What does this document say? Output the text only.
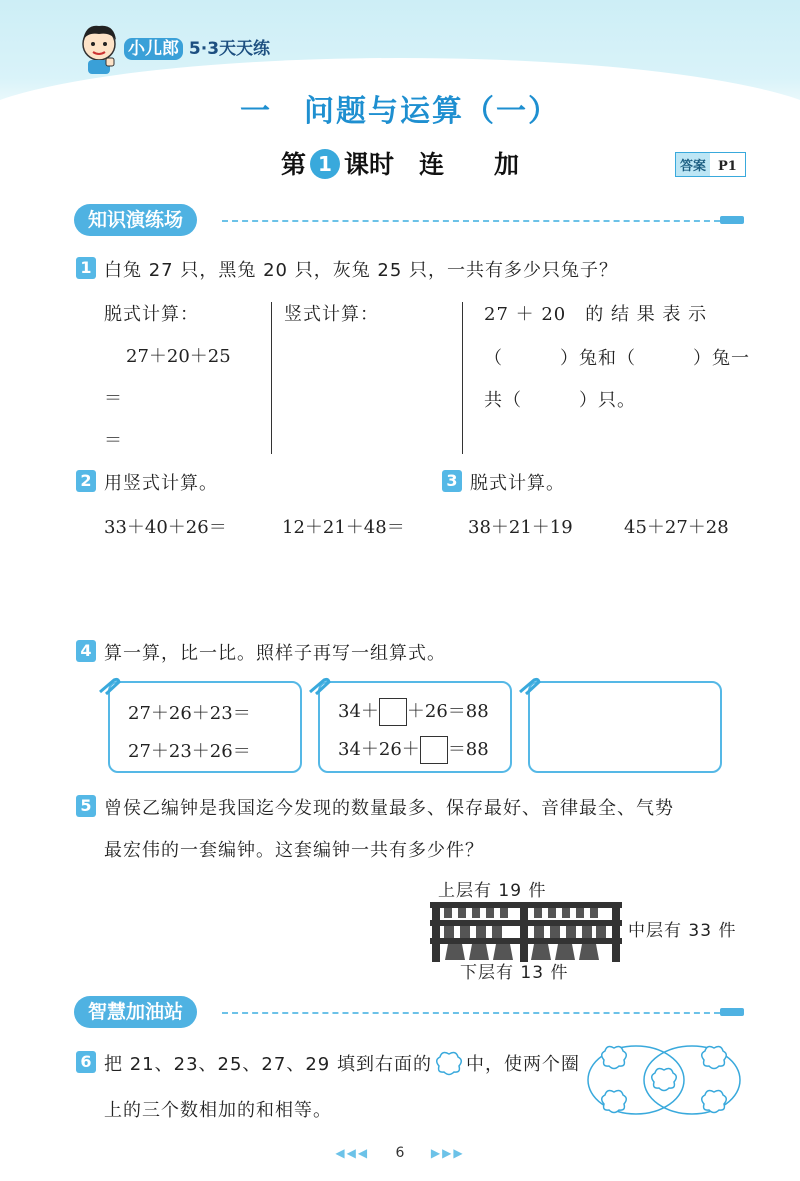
小儿郎 5·3天天练
一　问题与运算（一）
第 1 课时　连　　加	答案 P1
知识演练场
1 白兔 27 只，黑兔 20 只，灰兔 25 只，一共有多少只兔子？
脱式计算：
27＋20＋25
＝
＝
竖式计算：	27 ＋ 20　的 结 果 表 示
（　　　）兔和（　　　）兔一
共（　　　）只。
2 用竖式计算。
33＋40＋26＝	12＋21＋48＝
3 脱式计算。
38＋21＋19	45＋27＋28
4 算一算，比一比。照样子再写一组算式。
27＋26＋23＝
27＋23＋26＝
34＋ ＋26＝88
34＋26＋ ＝88
5 曾侯乙编钟是我国迄今发现的数量最多、保存最好、音律最全、气势
最宏伟的一套编钟。这套编钟一共有多少件？
上层有 19 件
中层有 33 件
下层有 13 件
智慧加油站
6 把 21、23、25、27、29 填到右面的 中，使两个圈
上的三个数相加的和相等。
◀◀◀ 6 ▶▶▶
